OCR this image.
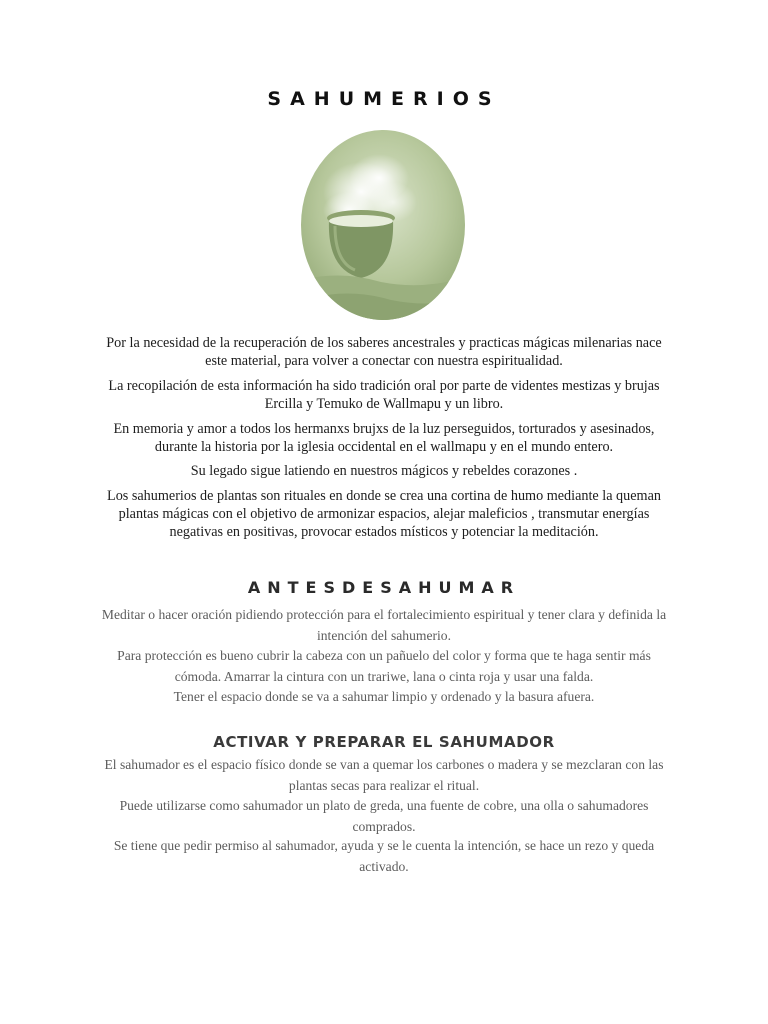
SAHUMERIOS

Por la necesidad de la recuperación de los saberes ancestrales y practicas mágicas milenarias nace este material, para volver a conectar con nuestra espiritualidad.

La recopilación de esta información ha sido tradición oral por parte de videntes mestizas y brujas Ercilla y Temuko de Wallmapu y un libro.

En memoria y amor a todos los hermanxs brujxs de la luz perseguidos, torturados y asesinados, durante la historia por la iglesia occidental en el wallmapu y en el mundo entero.

Su legado sigue latiendo en nuestros mágicos y rebeldes corazones .

Los sahumerios de plantas son rituales en donde se crea una cortina de humo mediante la queman plantas mágicas con el objetivo de armonizar espacios, alejar maleficios , transmutar energías negativas en positivas, provocar estados místicos y potenciar la meditación.

ANTESDESAHUMAR

Meditar o hacer oración pidiendo protección para el fortalecimiento espiritual y tener clara y definida la intención del sahumerio.

Para protección es bueno cubrir la cabeza con un pañuelo del color y forma que te haga sentir más cómoda. Amarrar la cintura con un trariwe, lana o cinta roja y usar una falda.

Tener el espacio donde se va a sahumar limpio y ordenado y la basura afuera.

ACTIVAR Y PREPARAR EL SAHUMADOR

El sahumador es el espacio físico donde se van a quemar los carbones o madera y se mezclaran con las plantas secas para realizar el ritual.

Puede utilizarse como sahumador un plato de greda, una fuente de cobre, una olla o sahumadores comprados.

Se tiene que pedir permiso al sahumador, ayuda y se le cuenta la intención, se hace un rezo y queda activado.
